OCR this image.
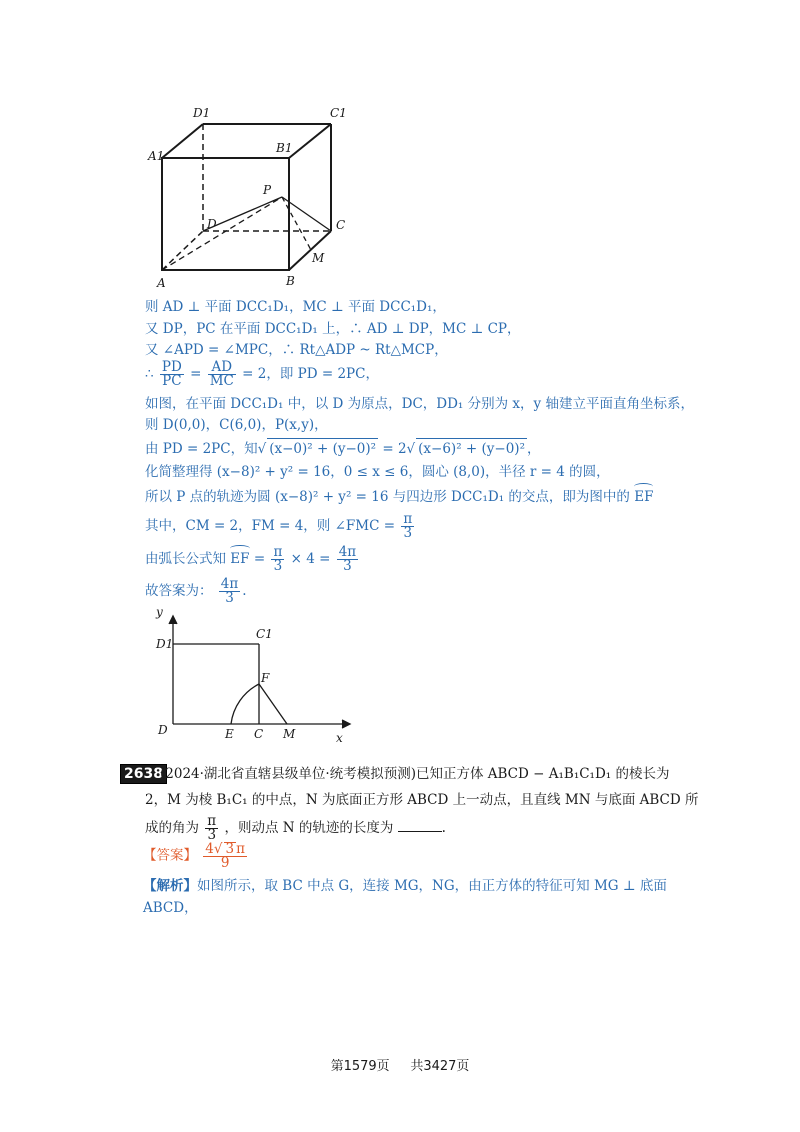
D1	C1
A1
B1
P
D	C
M
A	B
则 AD ⊥ 平面 DCC₁D₁，MC ⊥ 平面 DCC₁D₁，
又 DP，PC 在平面 DCC₁D₁ 上，∴ AD ⊥ DP，MC ⊥ CP，
又 ∠APD = ∠MPC，∴ Rt△ADP ~ Rt△MCP，
∴ $\frac{PD}{PC} = \frac{AD}{MC} = 2$，即 PD = 2PC，
如图，在平面 DCC₁D₁ 中，以 D 为原点，DC，DD₁ 分别为 x，y 轴建立平面直角坐标系，
则 D(0,0)，C(6,0)，P(x,y)，
由 PD = 2PC，知√ (x−0)² + (y−0)² = 2√ (x−6)² + (y−0)² ，
化简整理得 (x−8)² + y² = 16，0 ≤ x ≤ 6，圆心 (8,0)，半径 r = 4 的圆，
所以 P 点的轨迹为圆 (x−8)² + y² = 16 与四边形 DCC₁D₁ 的交点，即为图中的 EF
其中，CM = 2，FM = 4，则 ∠FMC = $\frac{\pi}{3}$
由弧长公式知 EF = $\frac{\pi}{3} \times 4 = \frac{4\pi}{3}$
故答案为： $\frac{4\pi}{3}$ .
y
D1
C1
F
D	E C M	x
2638
(2024·湖北省直辖县级单位·统考模拟预测)已知正方体 ABCD − A₁B₁C₁D₁ 的棱长为
2，M 为棱 B₁C₁ 的中点，N 为底面正方形 ABCD 上一动点，且直线 MN 与底面 ABCD 所
成的角为 $\frac{\pi}{3}$ ，则动点 N 的轨迹的长度为	.
【答案】 $\frac{4√ 3 \pi}{9}$
【解析】如图所示，取 BC 中点 G，连接 MG，NG，由正方体的特征可知 MG ⊥ 底面
ABCD，
第1579页 共3427页
